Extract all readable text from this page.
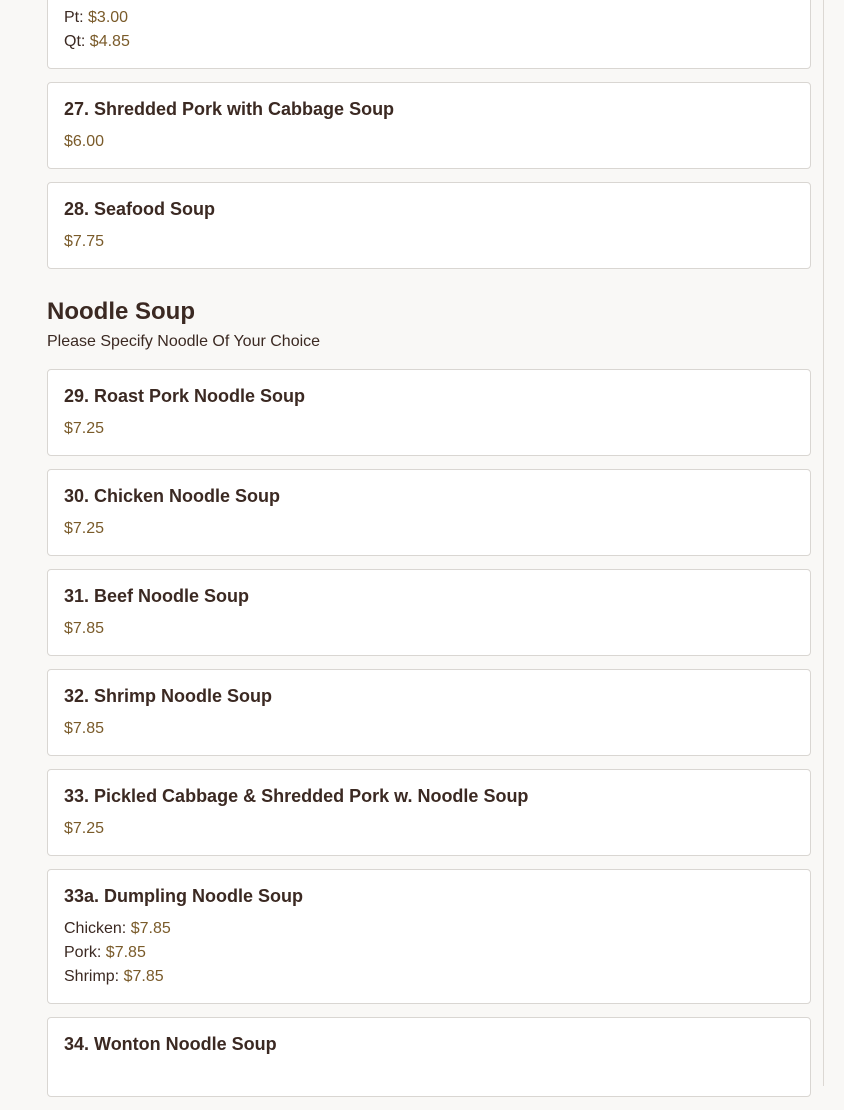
Pt: $3.00
Qt: $4.85
27. Shredded Pork with Cabbage Soup
$6.00
28. Seafood Soup
$7.75
Noodle Soup
Please Specify Noodle Of Your Choice
29. Roast Pork Noodle Soup
$7.25
30. Chicken Noodle Soup
$7.25
31. Beef Noodle Soup
$7.85
32. Shrimp Noodle Soup
$7.85
33. Pickled Cabbage & Shredded Pork w. Noodle Soup
$7.25
33a. Dumpling Noodle Soup
Chicken: $7.85
Pork: $7.85
Shrimp: $7.85
34. Wonton Noodle Soup
